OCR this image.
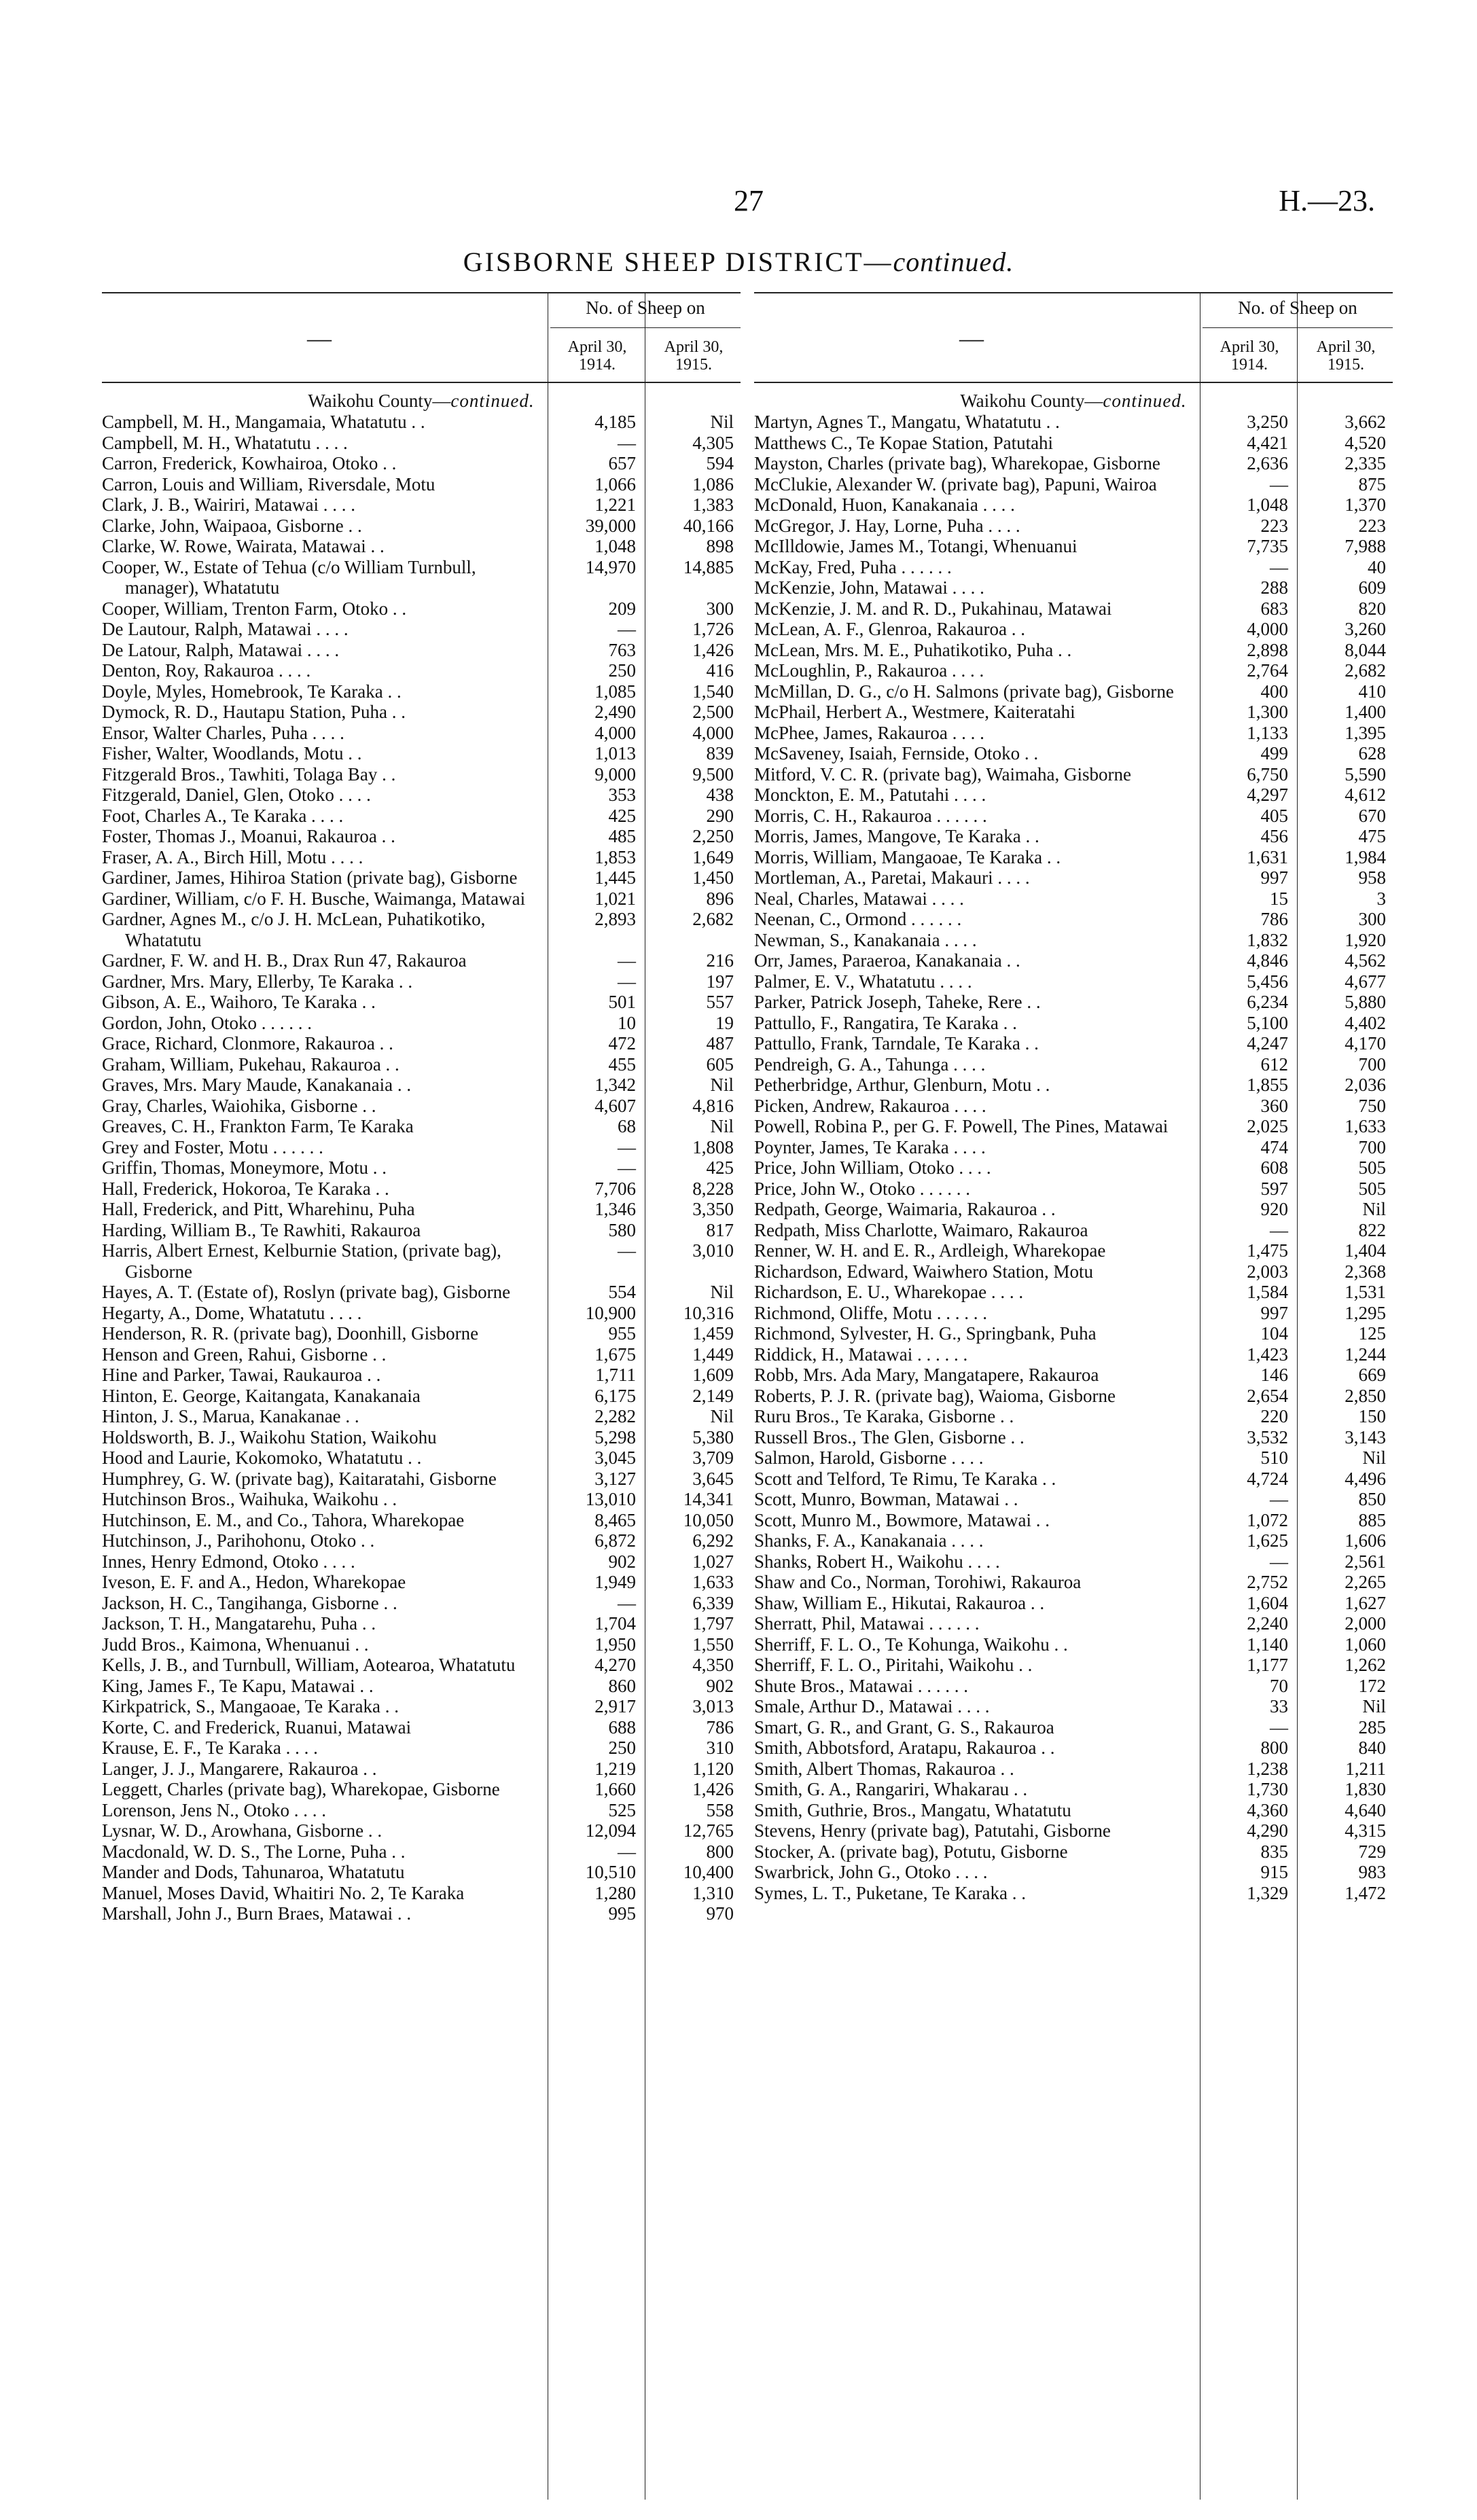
27	H.—23.
GISBORNE SHEEP DISTRICT—continued.
—
No. of Sheep on
April 30, 1914.
April 30, 1915.
Waikohu County—continued.
Campbell, M. H., Mangamaia, Whatatutu . .	4,185	Nil
Campbell, M. H., Whatatutu . . . .	—	4,305
Carron, Frederick, Kowhairoa, Otoko . .	657	594
Carron, Louis and William, Riversdale, Motu	1,066	1,086
Clark, J. B., Wairiri, Matawai . . . .	1,221	1,383
Clarke, John, Waipaoa, Gisborne . .	39,000	40,166
Clarke, W. Rowe, Wairata, Matawai . .	1,048	898
Cooper, W., Estate of Tehua (c/o William Turnbull, manager), Whatatutu
14,970	14,885
Cooper, William, Trenton Farm, Otoko . .	209	300
De Lautour, Ralph, Matawai . . . .	—	1,726
De Latour, Ralph, Matawai . . . .	763	1,426
Denton, Roy, Rakauroa . . . .	250	416
Doyle, Myles, Homebrook, Te Karaka . .	1,085	1,540
Dymock, R. D., Hautapu Station, Puha . .	2,490	2,500
Ensor, Walter Charles, Puha . . . .	4,000	4,000
Fisher, Walter, Woodlands, Motu . .	1,013	839
Fitzgerald Bros., Tawhiti, Tolaga Bay . .	9,000	9,500
Fitzgerald, Daniel, Glen, Otoko . . . .	353	438
Foot, Charles A., Te Karaka . . . .	425	290
Foster, Thomas J., Moanui, Rakauroa . .	485	2,250
Fraser, A. A., Birch Hill, Motu . . . .	1,853	1,649
Gardiner, James, Hihiroa Station (private bag), Gisborne	1,445	1,450
Gardiner, William, c/o F. H. Busche, Waimanga, Matawai	1,021	896
Gardner, Agnes M., c/o J. H. McLean, Puhatikotiko, Whatatutu
2,893	2,682
Gardner, F. W. and H. B., Drax Run 47, Rakauroa	—	216
Gardner, Mrs. Mary, Ellerby, Te Karaka . .	—	197
Gibson, A. E., Waihoro, Te Karaka . .	501	557
Gordon, John, Otoko . . . . . .	10	19
Grace, Richard, Clonmore, Rakauroa . .	472	487
Graham, William, Pukehau, Rakauroa . .	455	605
Graves, Mrs. Mary Maude, Kanakanaia . .	1,342	Nil
Gray, Charles, Waiohika, Gisborne . .	4,607	4,816
Greaves, C. H., Frankton Farm, Te Karaka	68	Nil
Grey and Foster, Motu . . . . . .	—	1,808
Griffin, Thomas, Moneymore, Motu . .	—	425
Hall, Frederick, Hokoroa, Te Karaka . .	7,706	8,228
Hall, Frederick, and Pitt, Wharehinu, Puha	1,346	3,350
Harding, William B., Te Rawhiti, Rakauroa	580	817
Harris, Albert Ernest, Kelburnie Station, (private bag), Gisborne
—	3,010
Hayes, A. T. (Estate of), Roslyn (private bag), Gisborne	554	Nil
Hegarty, A., Dome, Whatatutu . . . .	10,900	10,316
Henderson, R. R. (private bag), Doonhill, Gisborne	955	1,459
Henson and Green, Rahui, Gisborne . .	1,675	1,449
Hine and Parker, Tawai, Raukauroa . .	1,711	1,609
Hinton, E. George, Kaitangata, Kanakanaia	6,175	2,149
Hinton, J. S., Marua, Kanakanae . .	2,282	Nil
Holdsworth, B. J., Waikohu Station, Waikohu	5,298	5,380
Hood and Laurie, Kokomoko, Whatatutu . .	3,045	3,709
Humphrey, G. W. (private bag), Kaitaratahi, Gisborne	3,127	3,645
Hutchinson Bros., Waihuka, Waikohu . .	13,010	14,341
Hutchinson, E. M., and Co., Tahora, Wharekopae	8,465	10,050
Hutchinson, J., Parihohonu, Otoko . .	6,872	6,292
Innes, Henry Edmond, Otoko . . . .	902	1,027
Iveson, E. F. and A., Hedon, Wharekopae	1,949	1,633
Jackson, H. C., Tangihanga, Gisborne . .	—	6,339
Jackson, T. H., Mangatarehu, Puha . .	1,704	1,797
Judd Bros., Kaimona, Whenuanui . .	1,950	1,550
Kells, J. B., and Turnbull, William, Aotearoa, Whatatutu	4,270	4,350
King, James F., Te Kapu, Matawai . .	860	902
Kirkpatrick, S., Mangaoae, Te Karaka . .	2,917	3,013
Korte, C. and Frederick, Ruanui, Matawai	688	786
Krause, E. F., Te Karaka . . . .	250	310
Langer, J. J., Mangarere, Rakauroa . .	1,219	1,120
Leggett, Charles (private bag), Wharekopae, Gisborne	1,660	1,426
Lorenson, Jens N., Otoko . . . .	525	558
Lysnar, W. D., Arowhana, Gisborne . .	12,094	12,765
Macdonald, W. D. S., The Lorne, Puha . .	—	800
Mander and Dods, Tahunaroa, Whatatutu	10,510	10,400
Manuel, Moses David, Whaitiri No. 2, Te Karaka	1,280	1,310
Marshall, John J., Burn Braes, Matawai . .	995	970
—
No. of Sheep on
April 30, 1914.
April 30, 1915.
Waikohu County—continued.
Martyn, Agnes T., Mangatu, Whatatutu . .	3,250	3,662
Matthews C., Te Kopae Station, Patutahi	4,421	4,520
Mayston, Charles (private bag), Wharekopae, Gisborne	2,636	2,335
McClukie, Alexander W. (private bag), Papuni, Wairoa	—	875
McDonald, Huon, Kanakanaia . . . .	1,048	1,370
McGregor, J. Hay, Lorne, Puha . . . .	223	223
McIlldowie, James M., Totangi, Whenuanui	7,735	7,988
McKay, Fred, Puha . . . . . .	—	40
McKenzie, John, Matawai . . . .	288	609
McKenzie, J. M. and R. D., Pukahinau, Matawai	683	820
McLean, A. F., Glenroa, Rakauroa . .	4,000	3,260
McLean, Mrs. M. E., Puhatikotiko, Puha . .	2,898	8,044
McLoughlin, P., Rakauroa . . . .	2,764	2,682
McMillan, D. G., c/o H. Salmons (private bag), Gisborne	400	410
McPhail, Herbert A., Westmere, Kaiteratahi	1,300	1,400
McPhee, James, Rakauroa . . . .	1,133	1,395
McSaveney, Isaiah, Fernside, Otoko . .	499	628
Mitford, V. C. R. (private bag), Waimaha, Gisborne	6,750	5,590
Monckton, E. M., Patutahi . . . .	4,297	4,612
Morris, C. H., Rakauroa . . . . . .	405	670
Morris, James, Mangove, Te Karaka . .	456	475
Morris, William, Mangaoae, Te Karaka . .	1,631	1,984
Mortleman, A., Paretai, Makauri . . . .	997	958
Neal, Charles, Matawai . . . .	15	3
Neenan, C., Ormond . . . . . .	786	300
Newman, S., Kanakanaia . . . .	1,832	1,920
Orr, James, Paraeroa, Kanakanaia . .	4,846	4,562
Palmer, E. V., Whatatutu . . . .	5,456	4,677
Parker, Patrick Joseph, Taheke, Rere . .	6,234	5,880
Pattullo, F., Rangatira, Te Karaka . .	5,100	4,402
Pattullo, Frank, Tarndale, Te Karaka . .	4,247	4,170
Pendreigh, G. A., Tahunga . . . .	612	700
Petherbridge, Arthur, Glenburn, Motu . .	1,855	2,036
Picken, Andrew, Rakauroa . . . .	360	750
Powell, Robina P., per G. F. Powell, The Pines, Matawai	2,025	1,633
Poynter, James, Te Karaka . . . .	474	700
Price, John William, Otoko . . . .	608	505
Price, John W., Otoko . . . . . .	597	505
Redpath, George, Waimaria, Rakauroa . .	920	Nil
Redpath, Miss Charlotte, Waimaro, Rakauroa	—	822
Renner, W. H. and E. R., Ardleigh, Wharekopae	1,475	1,404
Richardson, Edward, Waiwhero Station, Motu	2,003	2,368
Richardson, E. U., Wharekopae . . . .	1,584	1,531
Richmond, Oliffe, Motu . . . . . .	997	1,295
Richmond, Sylvester, H. G., Springbank, Puha	104	125
Riddick, H., Matawai . . . . . .	1,423	1,244
Robb, Mrs. Ada Mary, Mangatapere, Rakauroa	146	669
Roberts, P. J. R. (private bag), Waioma, Gisborne	2,654	2,850
Ruru Bros., Te Karaka, Gisborne . .	220	150
Russell Bros., The Glen, Gisborne . .	3,532	3,143
Salmon, Harold, Gisborne . . . .	510	Nil
Scott and Telford, Te Rimu, Te Karaka . .	4,724	4,496
Scott, Munro, Bowman, Matawai . .	—	850
Scott, Munro M., Bowmore, Matawai . .	1,072	885
Shanks, F. A., Kanakanaia . . . .	1,625	1,606
Shanks, Robert H., Waikohu . . . .	—	2,561
Shaw and Co., Norman, Torohiwi, Rakauroa	2,752	2,265
Shaw, William E., Hikutai, Rakauroa . .	1,604	1,627
Sherratt, Phil, Matawai . . . . . .	2,240	2,000
Sherriff, F. L. O., Te Kohunga, Waikohu . .	1,140	1,060
Sherriff, F. L. O., Piritahi, Waikohu . .	1,177	1,262
Shute Bros., Matawai . . . . . .	70	172
Smale, Arthur D., Matawai . . . .	33	Nil
Smart, G. R., and Grant, G. S., Rakauroa	—	285
Smith, Abbotsford, Aratapu, Rakauroa . .	800	840
Smith, Albert Thomas, Rakauroa . .	1,238	1,211
Smith, G. A., Rangariri, Whakarau . .	1,730	1,830
Smith, Guthrie, Bros., Mangatu, Whatatutu	4,360	4,640
Stevens, Henry (private bag), Patutahi, Gisborne	4,290	4,315
Stocker, A. (private bag), Potutu, Gisborne	835	729
Swarbrick, John G., Otoko . . . .	915	983
Symes, L. T., Puketane, Te Karaka . .	1,329	1,472
